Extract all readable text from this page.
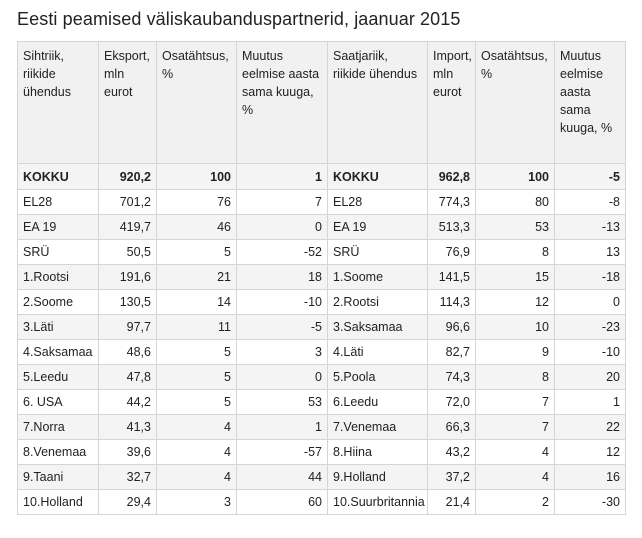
Eesti peamised väliskaubanduspartnerid, jaanuar 2015
Sihtriik, riikide ühendus	Eksport, mln eurot	Osatähtsus, %	Muutus eelmise aasta sama kuuga, %	Saatjariik, riikide ühendus	Import, mln eurot	Osatähtsus, %	Muutus eelmise aasta sama kuuga, %
KOKKU	920,2	100	1	KOKKU	962,8	100	-5
EL28	701,2	76	7	EL28	774,3	80	-8
EA 19	419,7	46	0	EA 19	513,3	53	-13
SRÜ	50,5	5	-52	SRÜ	76,9	8	13
1.Rootsi	191,6	21	18	1.Soome	141,5	15	-18
2.Soome	130,5	14	-10	2.Rootsi	114,3	12	0
3.Läti	97,7	11	-5	3.Saksamaa	96,6	10	-23
4.Saksamaa	48,6	5	3	4.Läti	82,7	9	-10
5.Leedu	47,8	5	0	5.Poola	74,3	8	20
6. USA	44,2	5	53	6.Leedu	72,0	7	1
7.Norra	41,3	4	1	7.Venemaa	66,3	7	22
8.Venemaa	39,6	4	-57	8.Hiina	43,2	4	12
9.Taani	32,7	4	44	9.Holland	37,2	4	16
10.Holland	29,4	3	60	10.Suurbritannia	21,4	2	-30
